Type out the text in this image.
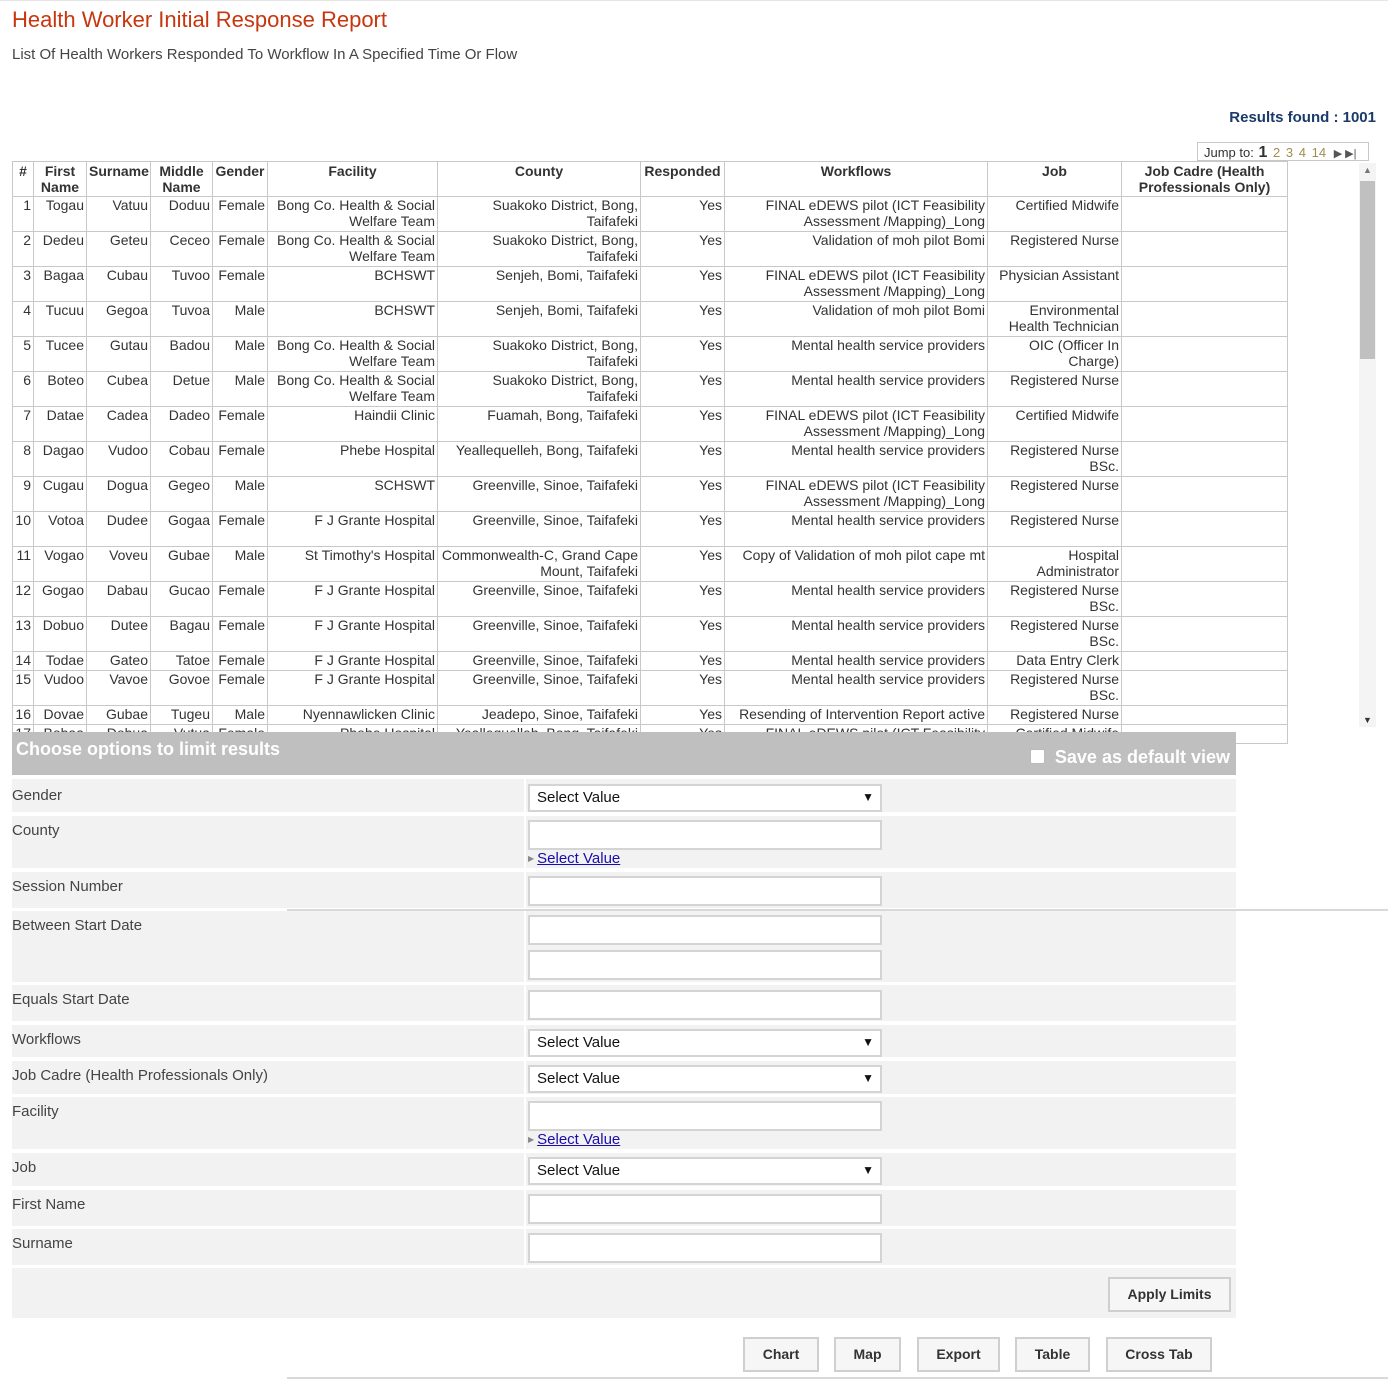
Health Worker Initial Response Report
List Of Health Workers Responded To Workflow In A Specified Time Or Flow
Results found : 1001
Jump to: 1 2 3 4 14 ▶ ▶|
#	First Name	Surname	Middle Name	Gender	Facility	County	Responded	Workflows	Job	Job Cadre (Health Professionals Only)
1	Togau	Vatuu	Doduu	Female	Bong Co. Health & Social Welfare Team	Suakoko District, Bong, Taifafeki	Yes	FINAL eDEWS pilot (ICT Feasibility Assessment /Mapping)_Long	Certified Midwife	
2	Dedeu	Geteu	Ceceo	Female	Bong Co. Health & Social Welfare Team	Suakoko District, Bong, Taifafeki	Yes	Validation of moh pilot Bomi	Registered Nurse	
3	Bagaa	Cubau	Tuvoo	Female	BCHSWT	Senjeh, Bomi, Taifafeki	Yes	FINAL eDEWS pilot (ICT Feasibility Assessment /Mapping)_Long	Physician Assistant	
4	Tucuu	Gegoa	Tuvoa	Male	BCHSWT	Senjeh, Bomi, Taifafeki	Yes	Validation of moh pilot Bomi	Environmental Health Technician	
5	Tucee	Gutau	Badou	Male	Bong Co. Health & Social Welfare Team	Suakoko District, Bong, Taifafeki	Yes	Mental health service providers	OIC (Officer In Charge)	
6	Boteo	Cubea	Detue	Male	Bong Co. Health & Social Welfare Team	Suakoko District, Bong, Taifafeki	Yes	Mental health service providers	Registered Nurse	
7	Datae	Cadea	Dadeo	Female	Haindii Clinic	Fuamah, Bong, Taifafeki	Yes	FINAL eDEWS pilot (ICT Feasibility Assessment /Mapping)_Long	Certified Midwife	
8	Dagao	Vudoo	Cobau	Female	Phebe Hospital	Yeallequelleh, Bong, Taifafeki	Yes	Mental health service providers	Registered Nurse BSc.	
9	Cugau	Dogua	Gegeo	Male	SCHSWT	Greenville, Sinoe, Taifafeki	Yes	FINAL eDEWS pilot (ICT Feasibility Assessment /Mapping)_Long	Registered Nurse	
10	Votoa	Dudee	Gogaa	Female	F J Grante Hospital	Greenville, Sinoe, Taifafeki	Yes	Mental health service providers	Registered Nurse	
11	Vogao	Voveu	Gubae	Male	St Timothy's Hospital	Commonwealth-C, Grand Cape Mount, Taifafeki	Yes	Copy of Validation of moh pilot cape mt	Hospital Administrator	
12	Gogao	Dabau	Gucao	Female	F J Grante Hospital	Greenville, Sinoe, Taifafeki	Yes	Mental health service providers	Registered Nurse BSc.	
13	Dobuo	Dutee	Bagau	Female	F J Grante Hospital	Greenville, Sinoe, Taifafeki	Yes	Mental health service providers	Registered Nurse BSc.	
14	Todae	Gateo	Tatoe	Female	F J Grante Hospital	Greenville, Sinoe, Taifafeki	Yes	Mental health service providers	Data Entry Clerk	
15	Vudoo	Vavoe	Govoe	Female	F J Grante Hospital	Greenville, Sinoe, Taifafeki	Yes	Mental health service providers	Registered Nurse BSc.	
16	Dovae	Gubae	Tugeu	Male	Nyennawlicken Clinic	Jeadepo, Sinoe, Taifafeki	Yes	Resending of Intervention Report active	Registered Nurse	

▲
▼
Choose options to limit results	Save as default view
Gender	Select Value	▼
County
▶ Select Value
Session Number
Between Start Date
Equals Start Date
Workflows	Select Value	▼
Job Cadre (Health Professionals Only)	Select Value	▼
Facility
▶ Select Value
Job	Select Value	▼
First Name
Surname
Apply Limits
Chart	Map	Export	Table	Cross Tab
